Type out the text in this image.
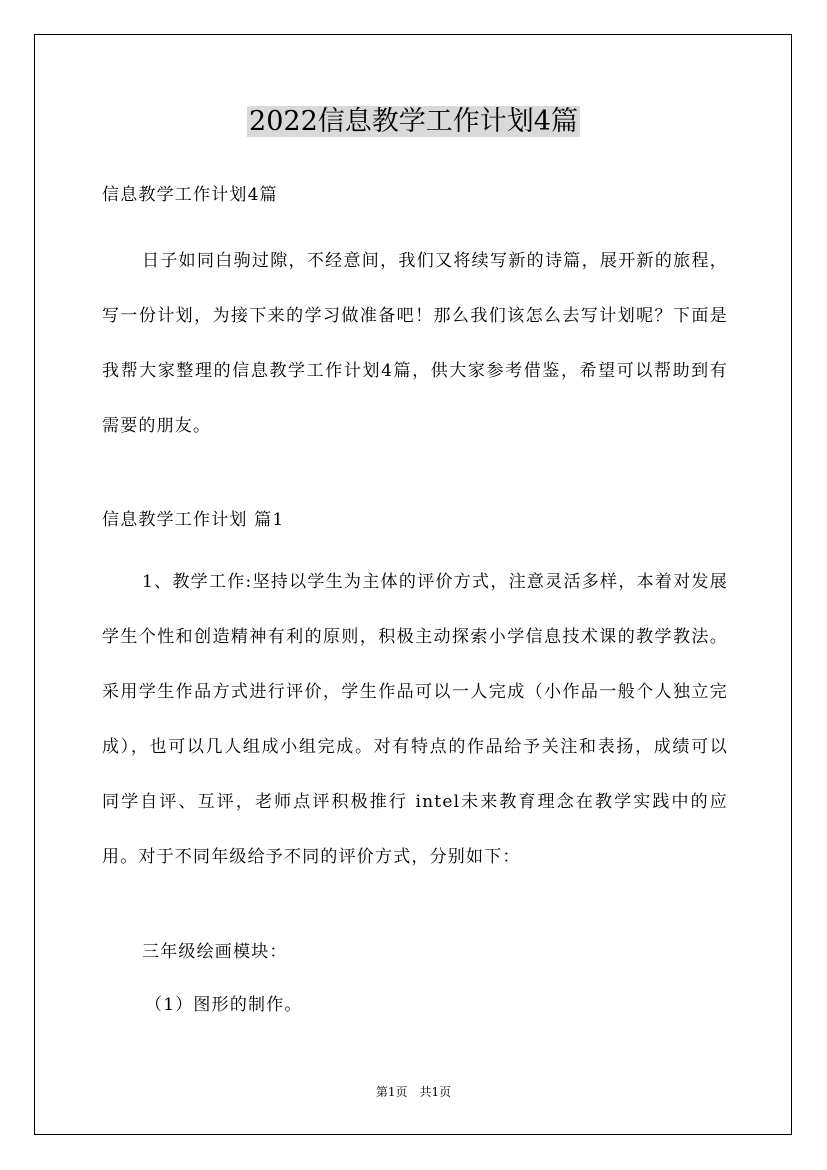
2022信息教学工作计划4篇
信息教学工作计划4篇
日子如同白驹过隙，不经意间，我们又将续写新的诗篇，展开新的旅程，写一份计划，为接下来的学习做准备吧！那么我们该怎么去写计划呢？下面是我帮大家整理的信息教学工作计划4篇，供大家参考借鉴，希望可以帮助到有需要的朋友。
信息教学工作计划 篇1
1、教学工作:坚持以学生为主体的评价方式，注意灵活多样，本着对发展学生个性和创造精神有利的原则，积极主动探索小学信息技术课的教学教法。采用学生作品方式进行评价，学生作品可以一人完成（小作品一般个人独立完成），也可以几人组成小组完成。对有特点的作品给予关注和表扬，成绩可以同学自评、互评，老师点评积极推行 intel未来教育理念在教学实践中的应用。对于不同年级给予不同的评价方式，分别如下：
三年级绘画模块：
（1）图形的制作。
第1页　共1页
